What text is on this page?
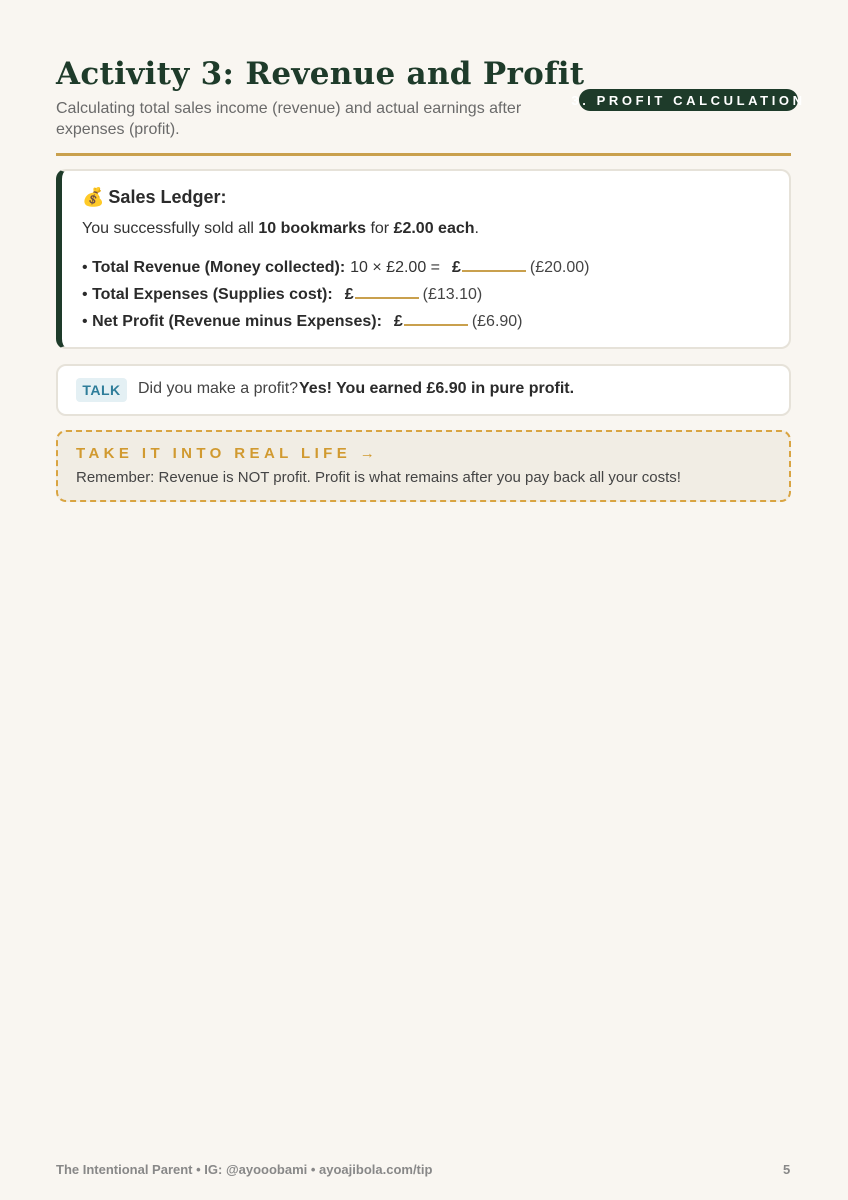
Activity 3: Revenue and Profit
Calculating total sales income (revenue) and actual earnings after expenses (profit).
3. PROFIT CALCULATION
💰 Sales Ledger:
You successfully sold all 10 bookmarks for £2.00 each.
•
Total Revenue (Money collected): 10 × £2.00 = £	(£20.00)
•
Total Expenses (Supplies cost): £	(£13.10)
•
Net Profit (Revenue minus Expenses): £	(£6.90)
TALK	Did you make a profit? Yes! You earned £6.90 in pure profit.
TAKE IT INTO REAL LIFE →
Remember: Revenue is NOT profit. Profit is what remains after you pay back all your costs!
The Intentional Parent • IG: @ayooobami • ayoajibola.com/tip	5
